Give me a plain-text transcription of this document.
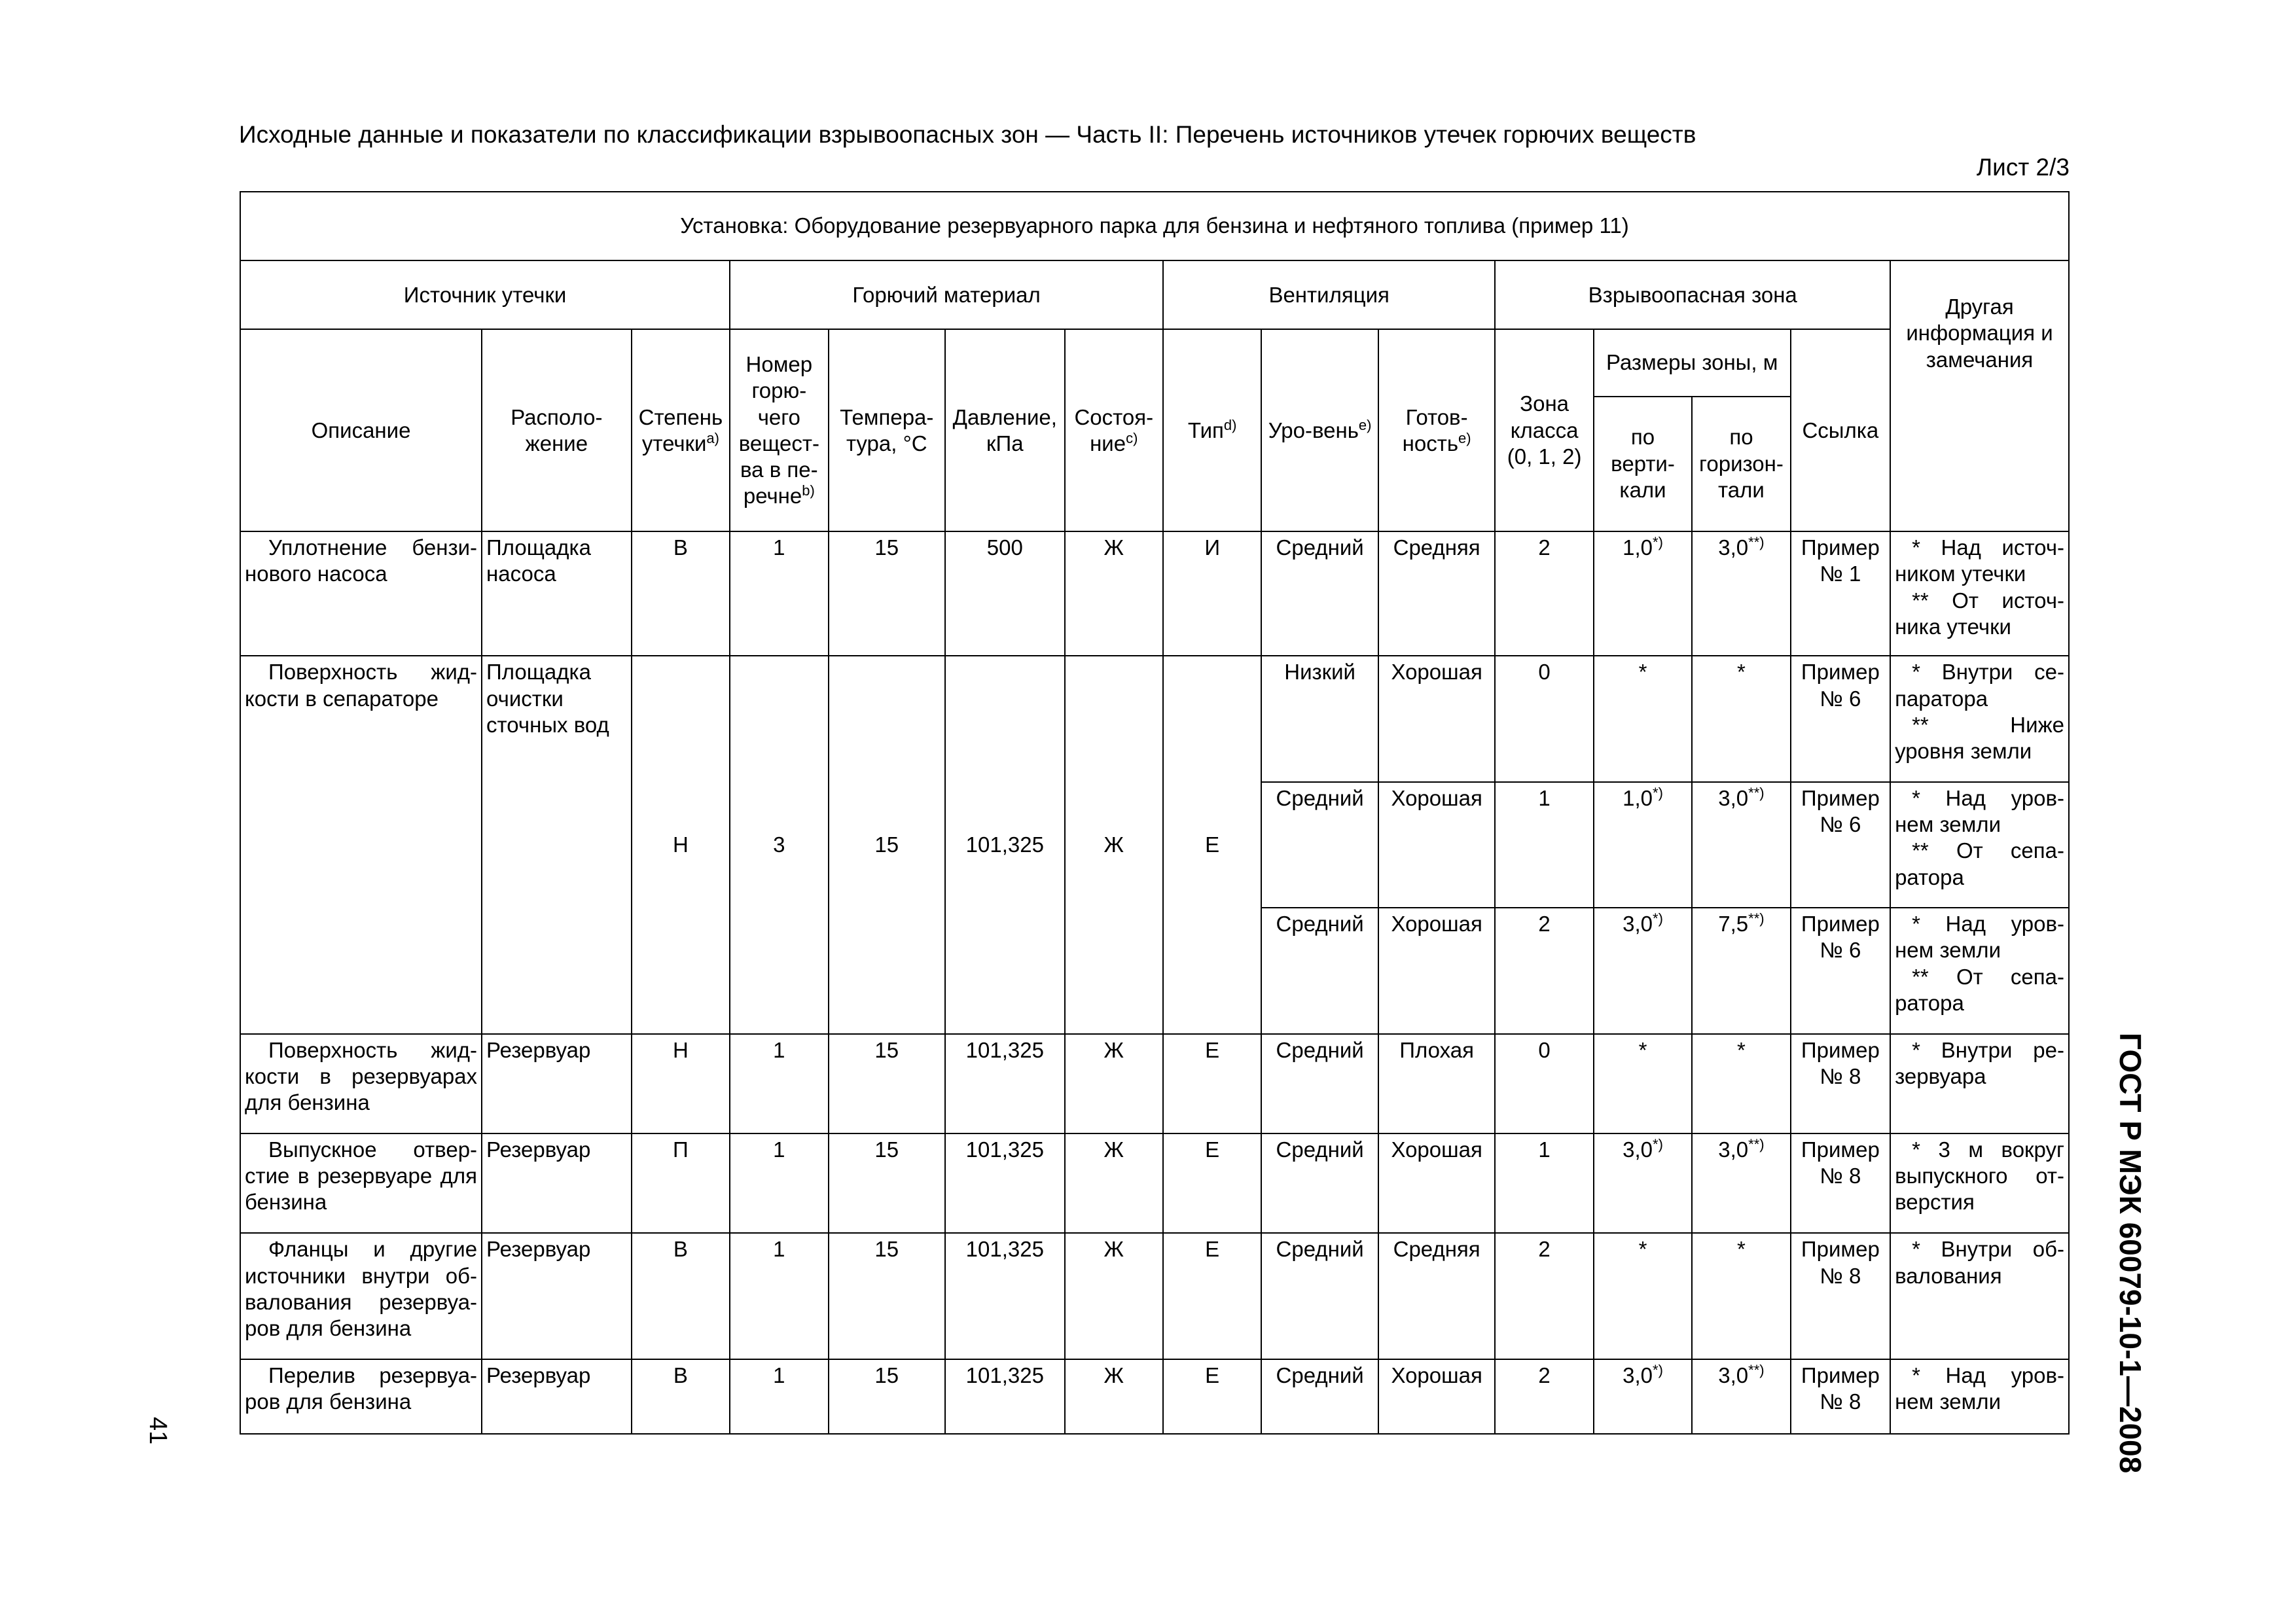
Исходные данные и показатели по классификации взрывоопасных зон — Часть II: Перечень источников утечек горючих веществ
Лист 2/3
41	ГОСТ Р МЭК 60079-10-1—2008
Установка: Оборудование резервуарного парка для бензина и нефтяного топлива (пример 11)														
Источник утечки			Горючий материал				Вентиляция			Взрывоопасная зона				Другая информация и замечания
Описание	Располо-жение	Степень утечки$^{a)}$	Номер горю-чего вещест-ва в пе-речне$^{b)}$	Темпера-тура, °С	Давление, кПа	Состоя-ние$^{c)}$	Тип$^{d)}$	Уро-вень$^{e)}$	Готов-ность$^{e)}$	Зона класса (0, 1, 2)	Размеры зоны, м		Ссылка	
											по верти-кали	по горизон-тали		
Уплотнение бензи-нового насоса	Площадка насоса	В	1	15	500	Ж	И	Средний	Средняя	2	1,0*)	3,0**)	Пример № 1	* Над источ-ником утечки
** От источ-ника утечки

Поверхность жид-кости в сепараторе	Площадка очистки сточных вод	Н	3	15	101,325	Ж	Е	Низкий	Хорошая	0	*	*	Пример № 6	* Внутри се-паратора
** Ниже уровня земли

								Средний	Хорошая	1	1,0*)	3,0**)	Пример № 6	* Над уров-нем земли
** От сепа-ратора

								Средний	Хорошая	2	3,0*)	7,5**)	Пример № 6	* Над уров-нем земли
** От сепа-ратора

Поверхность жид-кости в резервуарах для бензина	Резервуар	Н	1	15	101,325	Ж	Е	Средний	Плохая	0	*	*	Пример № 8	* Внутри ре-зервуара

Выпускное отвер-стие в резервуаре для бензина	Резервуар	П	1	15	101,325	Ж	Е	Средний	Хорошая	1	3,0*)	3,0**)	Пример № 8	* 3 м вокруг выпускного от-верстия

Фланцы и другие источники внутри об-валования резервуа-ров для бензина	Резервуар	В	1	15	101,325	Ж	Е	Средний	Средняя	2	*	*	Пример № 8	* Внутри об-валования

Перелив резервуа-ров для бензина	Резервуар	В	1	15	101,325	Ж	Е	Средний	Хорошая	2	3,0*)	3,0**)	Пример № 8	* Над уров-нем земли
